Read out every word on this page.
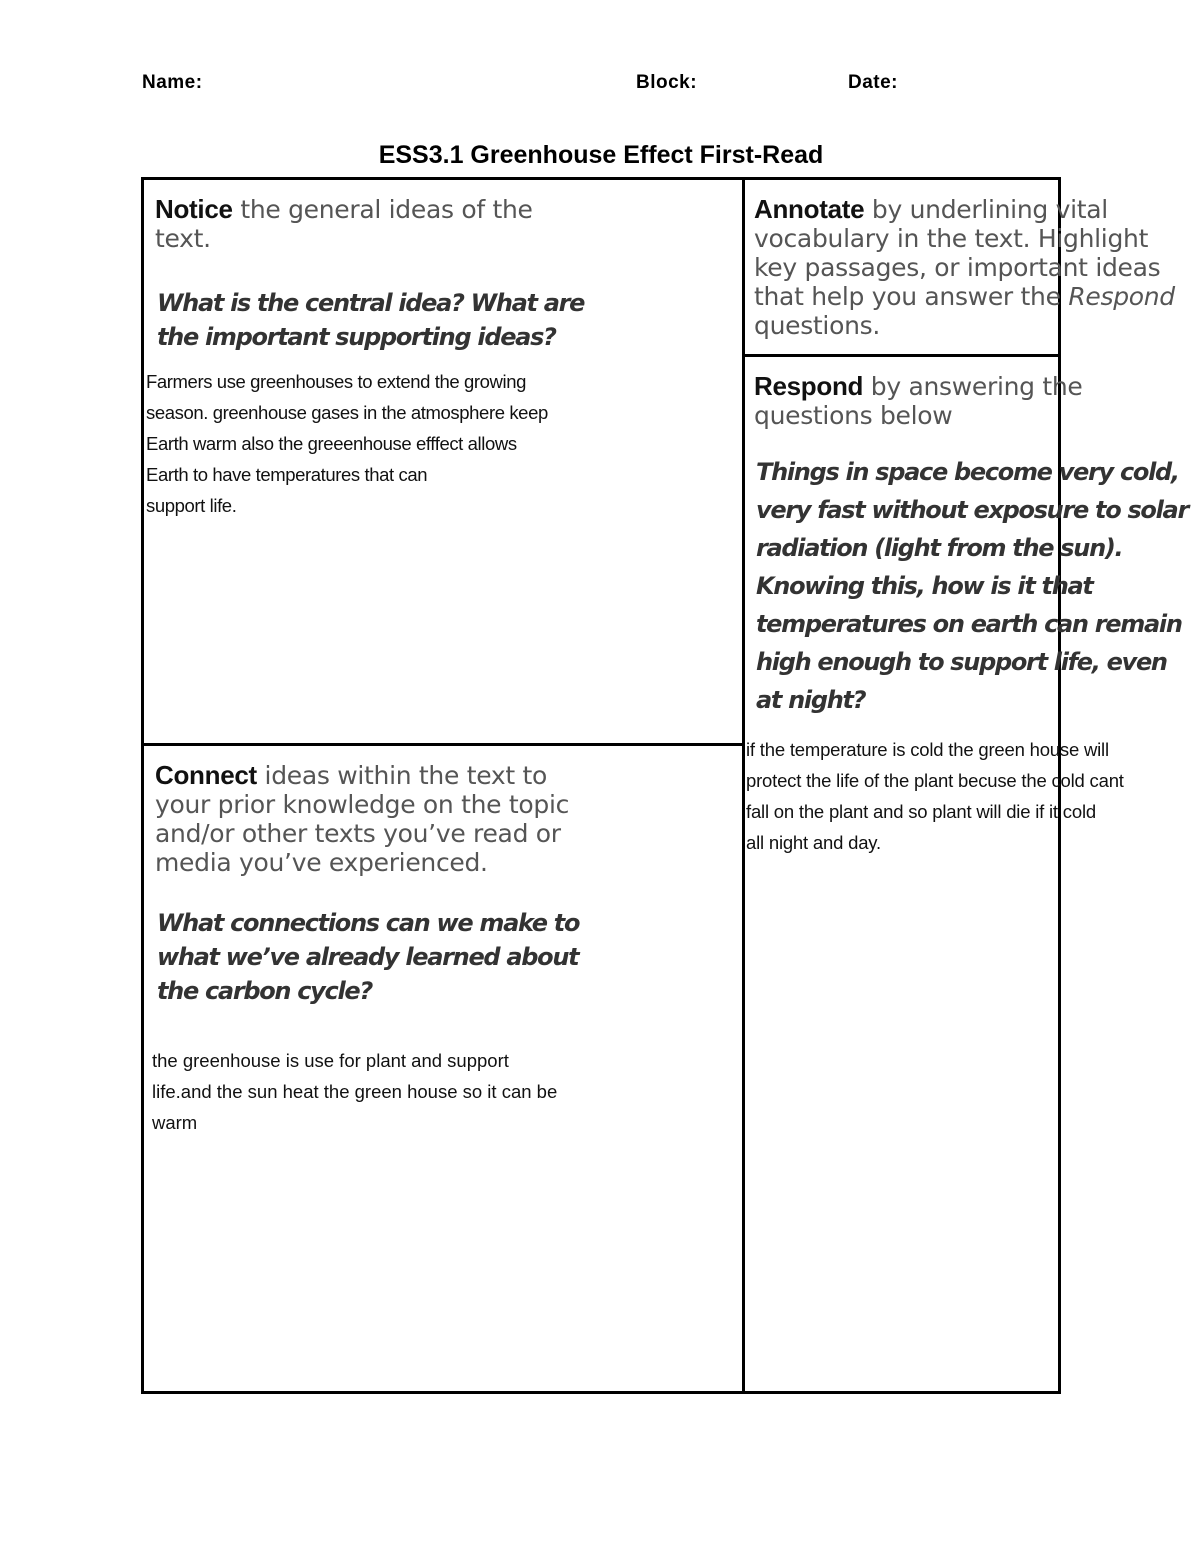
Name:	Block:	Date:
ESS3.1 Greenhouse Effect First-Read
Notice the general ideas of the text.
What is the central idea? What are the important supporting ideas?
Farmers use greenhouses to extend the growing
season. greenhouse gases in the atmosphere keep
Earth warm also the greeenhouse efffect allows
Earth to have temperatures that can
support life.
Connect ideas within the text to your prior knowledge on the topic and/or other texts you’ve read or media you’ve experienced.
What connections can we make to what we’ve already learned about the carbon cycle?
the greenhouse is use for plant and support
life.and the sun heat the green house so it can be
warm
Annotate by underlining vital vocabulary in the text. Highlight key passages, or important ideas that help you answer the Respond questions.
Respond by answering the questions below
Things in space become very cold, very fast without exposure to solar radiation (light from the sun). Knowing this, how is it that temperatures on earth can remain high enough to support life, even at night?
if the temperature is cold the green house will
protect the life of the plant becuse the cold cant
fall on the plant and so plant will die if it cold
all night and day.
